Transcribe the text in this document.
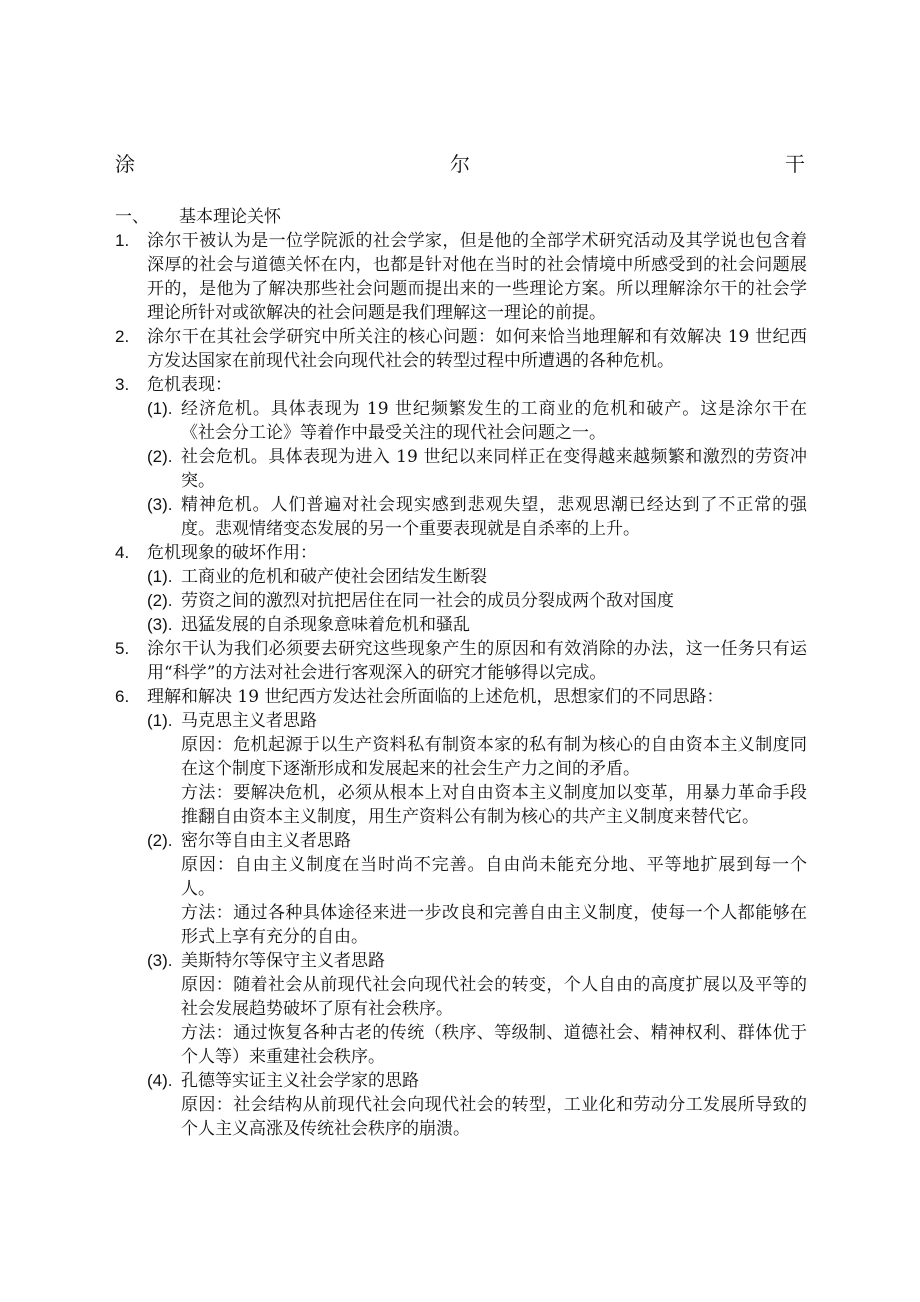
涂	尔	干
一、	基本理论关怀
1.	涂尔干被认为是一位学院派的社会学家，但是他的全部学术研究活动及其学说也包含着深厚的社会与道德关怀在内，也都是针对他在当时的社会情境中所感受到的社会问题展开的，是他为了解决那些社会问题而提出来的一些理论方案。所以理解涂尔干的社会学理论所针对或欲解决的社会问题是我们理解这一理论的前提。
2.	涂尔干在其社会学研究中所关注的核心问题：如何来恰当地理解和有效解决 19 世纪西方发达国家在前现代社会向现代社会的转型过程中所遭遇的各种危机。
3.	危机表现：
(1). 经济危机。具体表现为 19 世纪频繁发生的工商业的危机和破产。这是涂尔干在《社会分工论》等着作中最受关注的现代社会问题之一。
(2). 社会危机。具体表现为进入 19 世纪以来同样正在变得越来越频繁和激烈的劳资冲突。
(3). 精神危机。人们普遍对社会现实感到悲观失望，悲观思潮已经达到了不正常的强度。悲观情绪变态发展的另一个重要表现就是自杀率的上升。
4.	危机现象的破坏作用：
(1). 工商业的危机和破产使社会团结发生断裂
(2). 劳资之间的激烈对抗把居住在同一社会的成员分裂成两个敌对国度
(3). 迅猛发展的自杀现象意味着危机和骚乱
5.	涂尔干认为我们必须要去研究这些现象产生的原因和有效消除的办法，这一任务只有运用“科学”的方法对社会进行客观深入的研究才能够得以完成。
6.	理解和解决 19 世纪西方发达社会所面临的上述危机，思想家们的不同思路：
(1). 马克思主义者思路

原因：危机起源于以生产资料私有制资本家的私有制为核心的自由资本主义制度同在这个制度下逐渐形成和发展起来的社会生产力之间的矛盾。

方法：要解决危机，必须从根本上对自由资本主义制度加以变革，用暴力革命手段推翻自由资本主义制度，用生产资料公有制为核心的共产主义制度来替代它。

(2). 密尔等自由主义者思路

原因：自由主义制度在当时尚不完善。自由尚未能充分地、平等地扩展到每一个人。

方法：通过各种具体途径来进一步改良和完善自由主义制度，使每一个人都能够在形式上享有充分的自由。

(3). 美斯特尔等保守主义者思路

原因：随着社会从前现代社会向现代社会的转变，个人自由的高度扩展以及平等的社会发展趋势破坏了原有社会秩序。

方法：通过恢复各种古老的传统（秩序、等级制、道德社会、精神权利、群体优于个人等）来重建社会秩序。

(4). 孔德等实证主义社会学家的思路

原因：社会结构从前现代社会向现代社会的转型，工业化和劳动分工发展所导致的个人主义高涨及传统社会秩序的崩溃。
